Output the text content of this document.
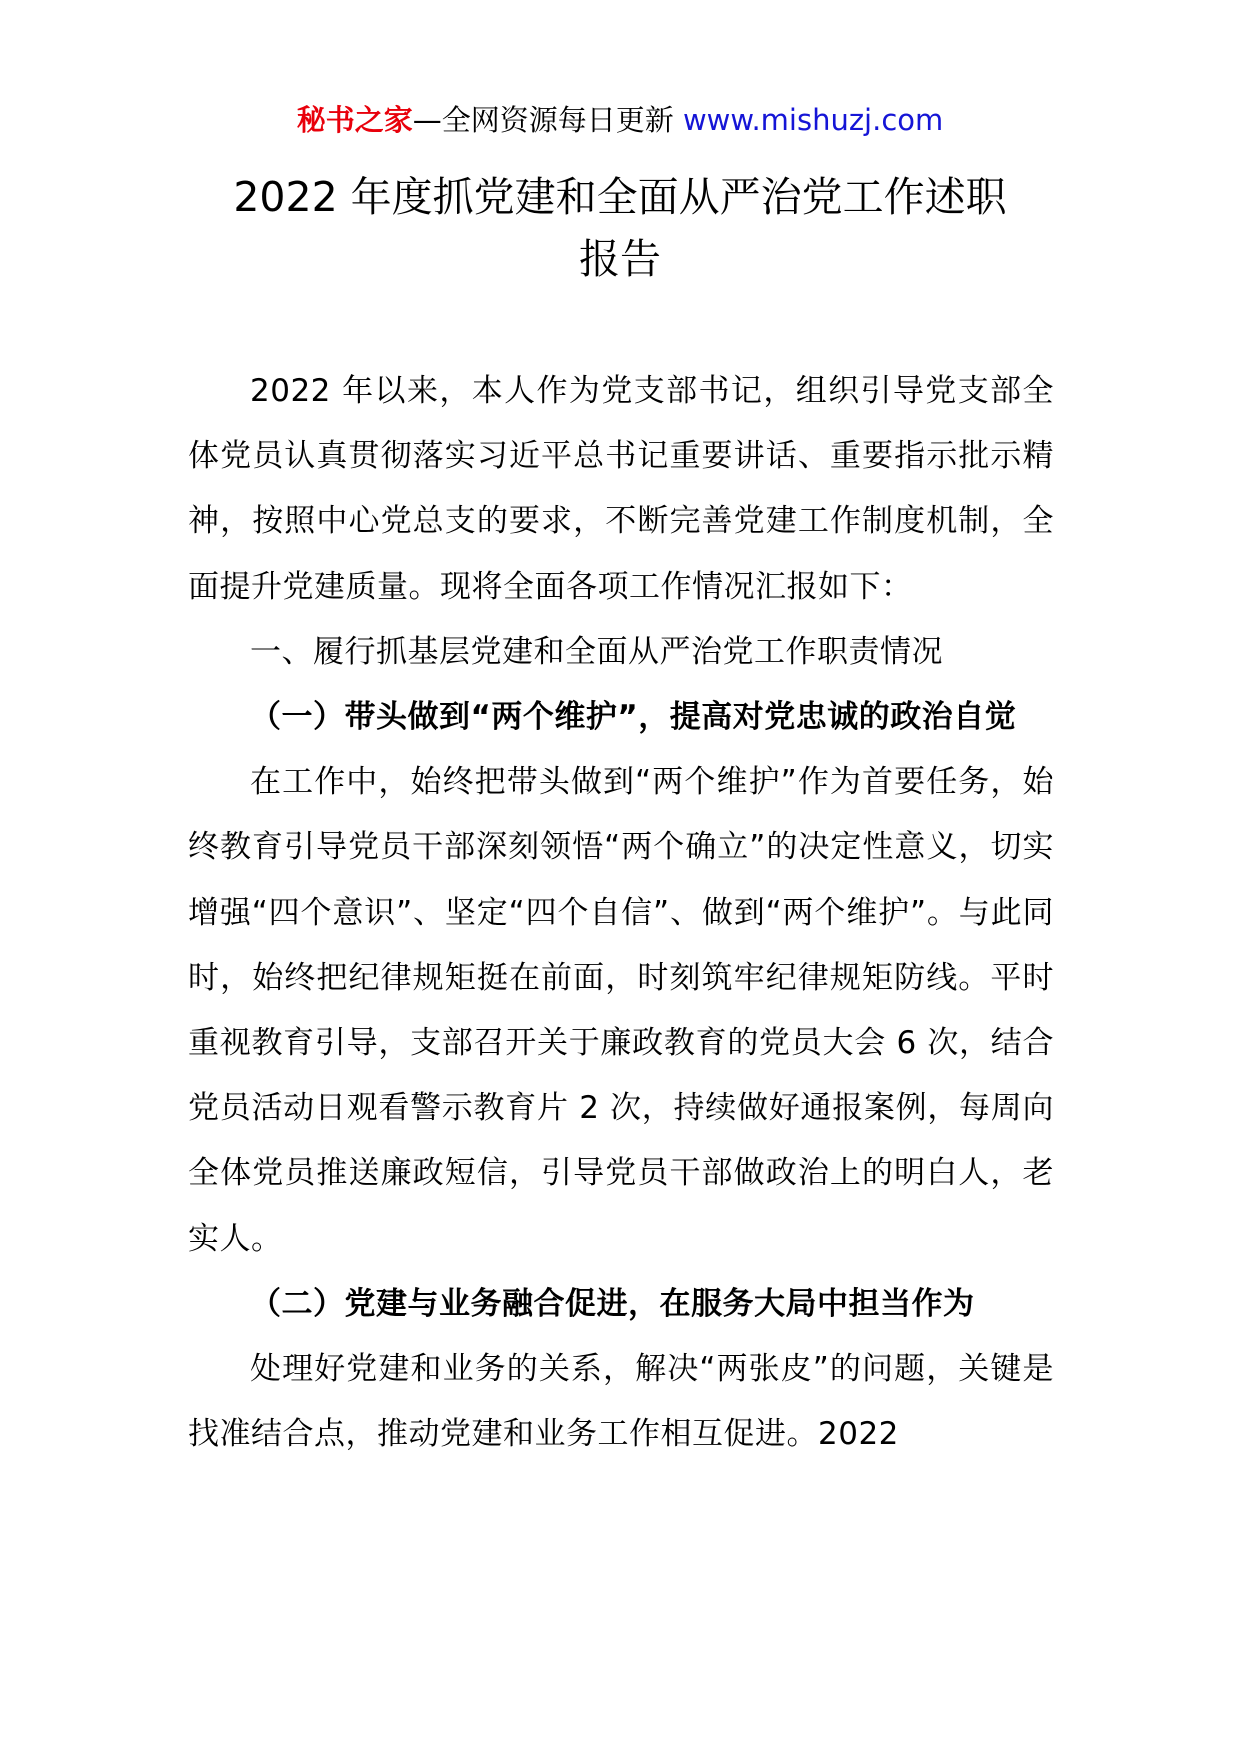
秘书之家—全网资源每日更新 www.mishuzj.com
2022 年度抓党建和全面从严治党工作述职
报告

2022 年以来，本人作为党支部书记，组织引导党支部全体党员认真贯彻落实习近平总书记重要讲话、重要指示批示精神，按照中心党总支的要求，不断完善党建工作制度机制，全面提升党建质量。现将全面各项工作情况汇报如下：

一、履行抓基层党建和全面从严治党工作职责情况

（一）带头做到“两个维护”，提高对党忠诚的政治自觉

在工作中，始终把带头做到“两个维护”作为首要任务，始终教育引导党员干部深刻领悟“两个确立”的决定性意义，切实增强“四个意识”、坚定“四个自信”、做到“两个维护”。与此同时，始终把纪律规矩挺在前面，时刻筑牢纪律规矩防线。平时重视教育引导，支部召开关于廉政教育的党员大会 6 次，结合党员活动日观看警示教育片 2 次，持续做好通报案例，每周向全体党员推送廉政短信，引导党员干部做政治上的明白人，老实人。

（二）党建与业务融合促进，在服务大局中担当作为

处理好党建和业务的关系，解决“两张皮”的问题，关键是找准结合点，推动党建和业务工作相互促进。2022
